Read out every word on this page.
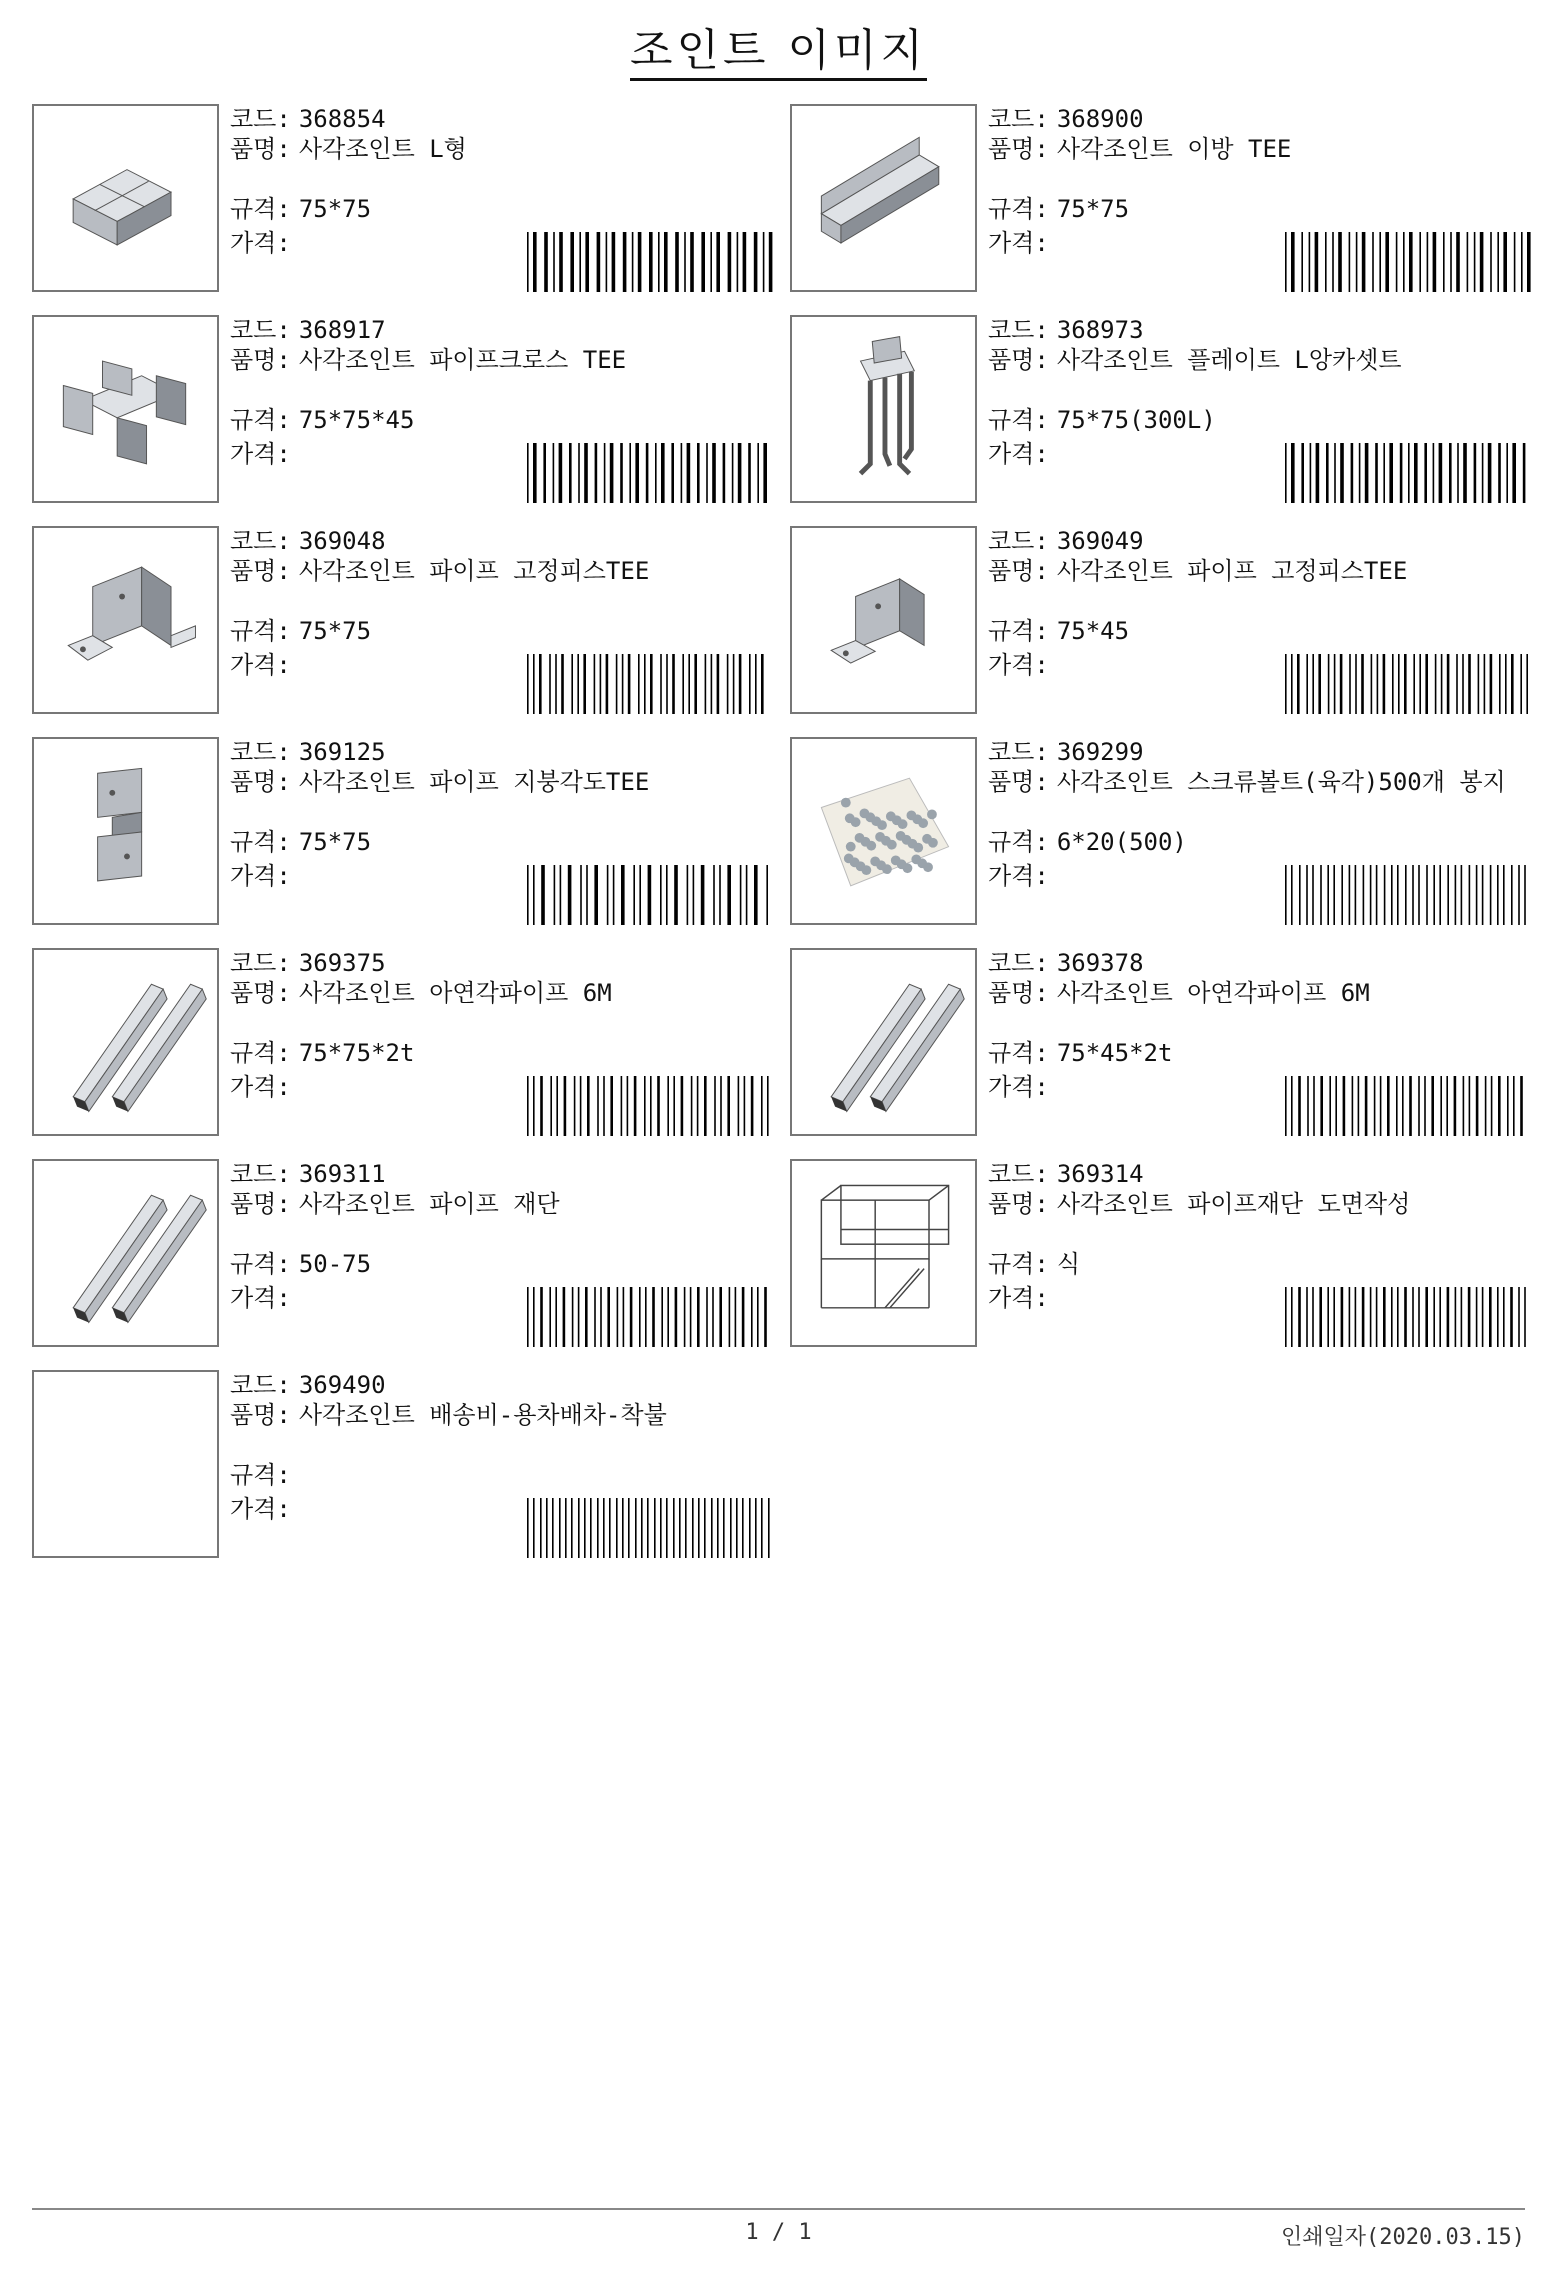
조인트 이미지
코드: 368854
품명: 사각조인트 L형
규격: 75*75
가격:
코드: 368900
품명: 사각조인트 이방 TEE
규격: 75*75
가격:
코드: 368917
품명: 사각조인트 파이프크로스 TEE
규격: 75*75*45
가격:
코드: 368973
품명: 사각조인트 플레이트 L앙카셋트
규격: 75*75(300L)
가격:
코드: 369048
품명: 사각조인트 파이프 고정피스TEE
규격: 75*75
가격:
코드: 369049
품명: 사각조인트 파이프 고정피스TEE
규격: 75*45
가격:
코드: 369125
품명: 사각조인트 파이프 지붕각도TEE
규격: 75*75
가격:
코드: 369299
품명: 사각조인트 스크류볼트(육각)500개 봉지
규격: 6*20(500)
가격:
코드: 369375
품명: 사각조인트 아연각파이프 6M
규격: 75*75*2t
가격:
코드: 369378
품명: 사각조인트 아연각파이프 6M
규격: 75*45*2t
가격:
코드: 369311
품명: 사각조인트 파이프 재단
규격: 50-75
가격:
코드: 369314
품명: 사각조인트 파이프재단 도면작성
규격: 식
가격:
코드: 369490
품명: 사각조인트 배송비-용차배차-착불
규격:
가격:
1 / 1	인쇄일자(2020.03.15)
